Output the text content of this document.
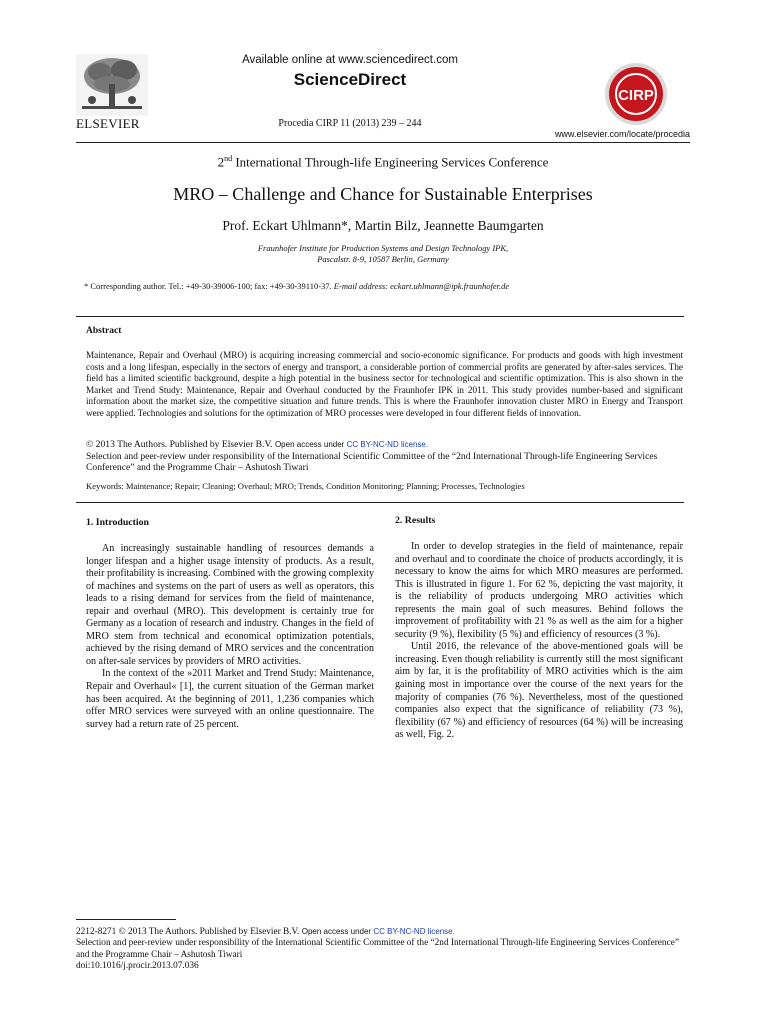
ELSEVIER
Available online at www.sciencedirect.com
ScienceDirect
Procedia CIRP 11 (2013) 239 – 244
CIRP
www.elsevier.com/locate/procedia
2nd International Through-life Engineering Services Conference
MRO – Challenge and Chance for Sustainable Enterprises
Prof. Eckart Uhlmann*, Martin Bilz, Jeannette Baumgarten
Fraunhofer Institute for Production Systems and Design Technology IPK,
Pascalstr. 8-9, 10587 Berlin, Germany
* Corresponding author. Tel.: +49-30-39006-100; fax: +49-30-39110-37. E-mail address: eckart.uhlmann@ipk.fraunhofer.de
Abstract
Maintenance, Repair and Overhaul (MRO) is acquiring increasing commercial and socio-economic significance. For products and goods with high investment costs and a long lifespan, especially in the sectors of energy and transport, a considerable portion of commercial profits are generated by after-sales services. The field has a limited scientific background, despite a high potential in the business sector for technological and scientific optimization. This is also shown in the Market and Trend Study: Maintenance, Repair and Overhaul conducted by the Fraunhofer IPK in 2011. This study provides number-based and significant information about the market size, the competitive situation and future trends. This is where the Fraunhofer innovation cluster MRO in Energy and Transport were applied. Technologies and solutions for the optimization of MRO processes were developed in four different fields of innovation.
© 2013 The Authors. Published by Elsevier B.V. Open access under CC BY-NC-ND license.
Selection and peer-review under responsibility of the International Scientific Committee of the “2nd International Through-life Engineering Services Conference” and the Programme Chair – Ashutosh Tiwari
Keywords: Maintenance; Repair; Cleaning; Overhaul; MRO; Trends, Condition Monitoring; Planning; Processes, Technologies
1. Introduction

An increasingly sustainable handling of resources demands a longer lifespan and a higher usage intensity of products. As a result, their profitability is increasing. Combined with the growing complexity of machines and systems on the part of users as well as operators, this leads to a rising demand for services from the field of maintenance, repair and overhaul (MRO). This development is certainly true for Germany as a location of research and industry. Changes in the field of MRO stem from technical and economical optimization potentials, achieved by the rising demand of MRO services and the concentration on after-sale services by providers of MRO activities.

In the context of the »2011 Market and Trend Study: Maintenance, Repair and Overhaul« [1], the current situation of the German market has been acquired. At the beginning of 2011, 1,236 companies which offer MRO services were surveyed with an online questionnaire. The survey had a return rate of 25 percent.

2. Results

In order to develop strategies in the field of maintenance, repair and overhaul and to coordinate the choice of products accordingly, it is necessary to know the aims for which MRO measures are performed. This is illustrated in figure 1. For 62 %, depicting the vast majority, it is the reliability of products undergoing MRO activities which represents the main goal of such measures. Behind follows the improvement of profitability with 21 % as well as the aim for a higher security (9 %), flexibility (5 %) and efficiency of resources (3 %).

Until 2016, the relevance of the above-mentioned goals will be increasing. Even though reliability is currently still the most significant aim by far, it is the profitability of MRO activities which is the aim gaining most in importance over the course of the next years for the majority of companies (76 %). Nevertheless, most of the questioned companies also expect that the significance of reliability (73 %), flexibility (67 %) and efficiency of resources (64 %) will be increasing as well, Fig. 2.

2212-8271 © 2013 The Authors. Published by Elsevier B.V. Open access under CC BY-NC-ND license.
Selection and peer-review under responsibility of the International Scientific Committee of the “2nd International Through-life Engineering Services Conference” and the Programme Chair – Ashutosh Tiwari
doi:10.1016/j.procir.2013.07.036
